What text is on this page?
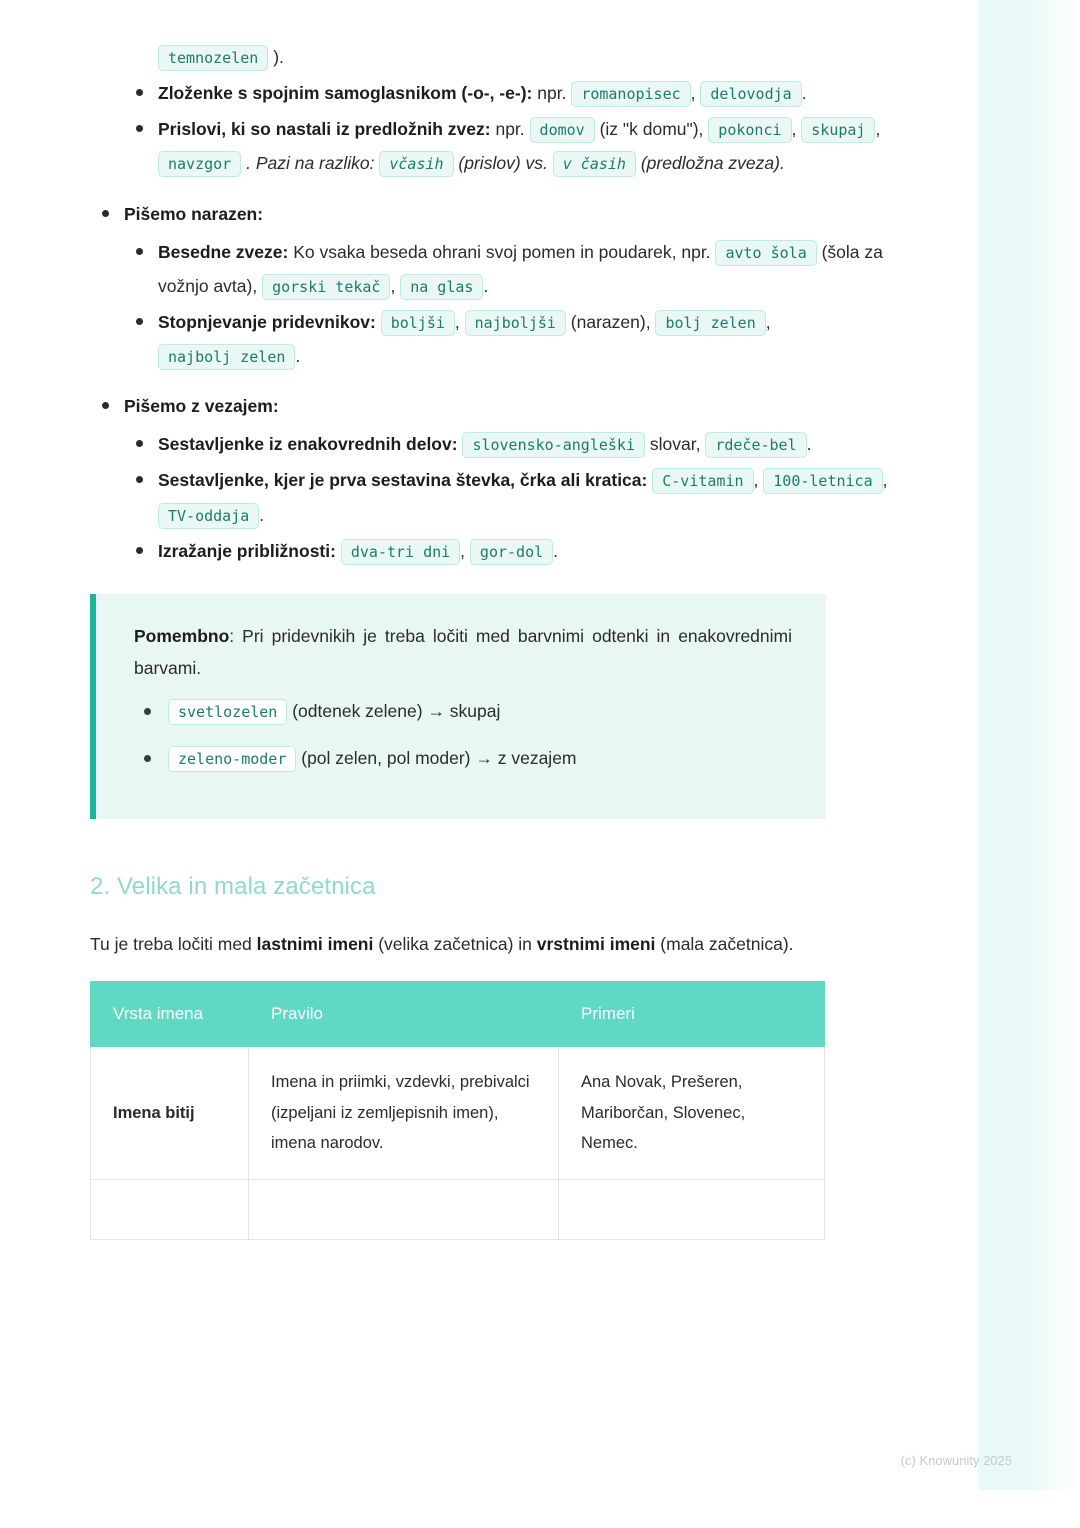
temnozelen ).
Zloženke s spojnim samoglasnikom (-o-, -e-): npr. romanopisec , delovodja .
Prislovi, ki so nastali iz predložnih zvez: npr. domov (iz "k domu"), pokonci , skupaj , navzgor . Pazi na razliko: včasih (prislov) vs. v časih (predložna zveza).
Pišemo narazen:
Besedne zveze: Ko vsaka beseda ohrani svoj pomen in poudarek, npr. avto šola (šola za vožnjo avta), gorski tekač , na glas .
Stopnjevanje pridevnikov: boljši , najboljši (narazen), bolj zelen , najbolj zelen .
Pišemo z vezajem:
Sestavljenke iz enakovrednih delov: slovensko-angleški slovar, rdeče-bel .
Sestavljenke, kjer je prva sestavina števka, črka ali kratica: C-vitamin , 100-letnica , TV-oddaja .
Izražanje približnosti: dva-tri dni , gor-dol .

Pomembno: Pri pridevnikih je treba ločiti med barvnimi odtenki in enakovrednimi barvami.

svetlozelen (odtenek zelene) → skupaj
zeleno-moder (pol zelen, pol moder) → z vezajem
2. Velika in mala začetnica

Tu je treba ločiti med lastnimi imeni (velika začetnica) in vrstnimi imeni (mala začetnica).

Vrsta imena	Pravilo	Primeri
Imena bitij	Imena in priimki, vzdevki, prebivalci (izpeljani iz zemljepisnih imen), imena narodov.	Ana Novak, Prešeren, Mariborčan, Slovenec, Nemec.

(c) Knowunity 2025
